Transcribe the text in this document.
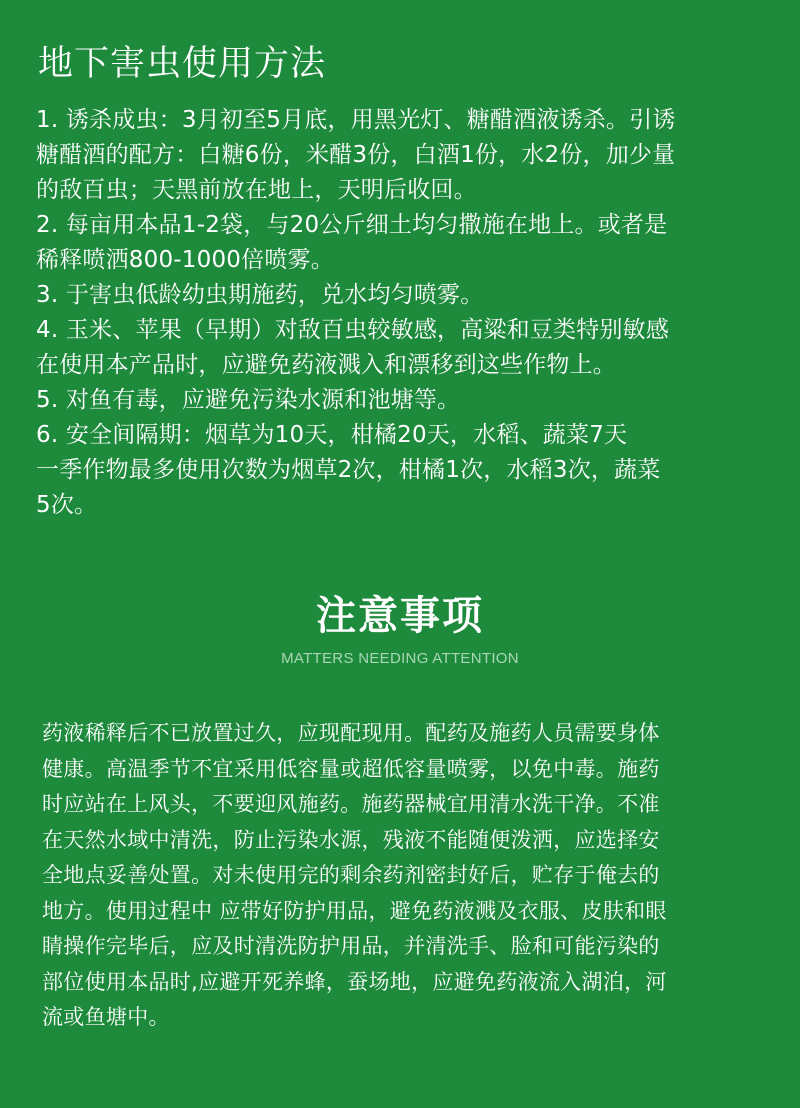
地下害虫使用方法
1. 诱杀成虫：3月初至5月底，用黑光灯、糖醋酒液诱杀。引诱
糖醋酒的配方：白糖6份，米醋3份，白酒1份，水2份，加少量
的敌百虫；天黑前放在地上，天明后收回。
2. 每亩用本品1-2袋，与20公斤细土均匀撒施在地上。或者是
稀释喷洒800-1000倍喷雾。
3. 于害虫低龄幼虫期施药，兑水均匀喷雾。
4. 玉米、苹果（早期）对敌百虫较敏感，高粱和豆类特别敏感
在使用本产品时，应避免药液溅入和漂移到这些作物上。
5. 对鱼有毒，应避免污染水源和池塘等。
6. 安全间隔期：烟草为10天，柑橘20天，水稻、蔬菜7天
一季作物最多使用次数为烟草2次，柑橘1次，水稻3次，蔬菜
5次。
注意事项
MATTERS NEEDING ATTENTION
药液稀释后不已放置过久，应现配现用。配药及施药人员需要身体
健康。高温季节不宜采用低容量或超低容量喷雾，以免中毒。施药
时应站在上风头，不要迎风施药。施药器械宜用清水洗干净。不准
在天然水域中清洗，防止污染水源，残液不能随便泼洒，应选择安
全地点妥善处置。对未使用完的剩余药剂密封好后，贮存于俺去的
地方。使用过程中 应带好防护用品，避免药液溅及衣服、皮肤和眼
睛操作完毕后，应及时清洗防护用品，并清洗手、脸和可能污染的
部位使用本品时,应避开死养蜂，蚕场地，应避免药液流入湖泊，河
流或鱼塘中。
